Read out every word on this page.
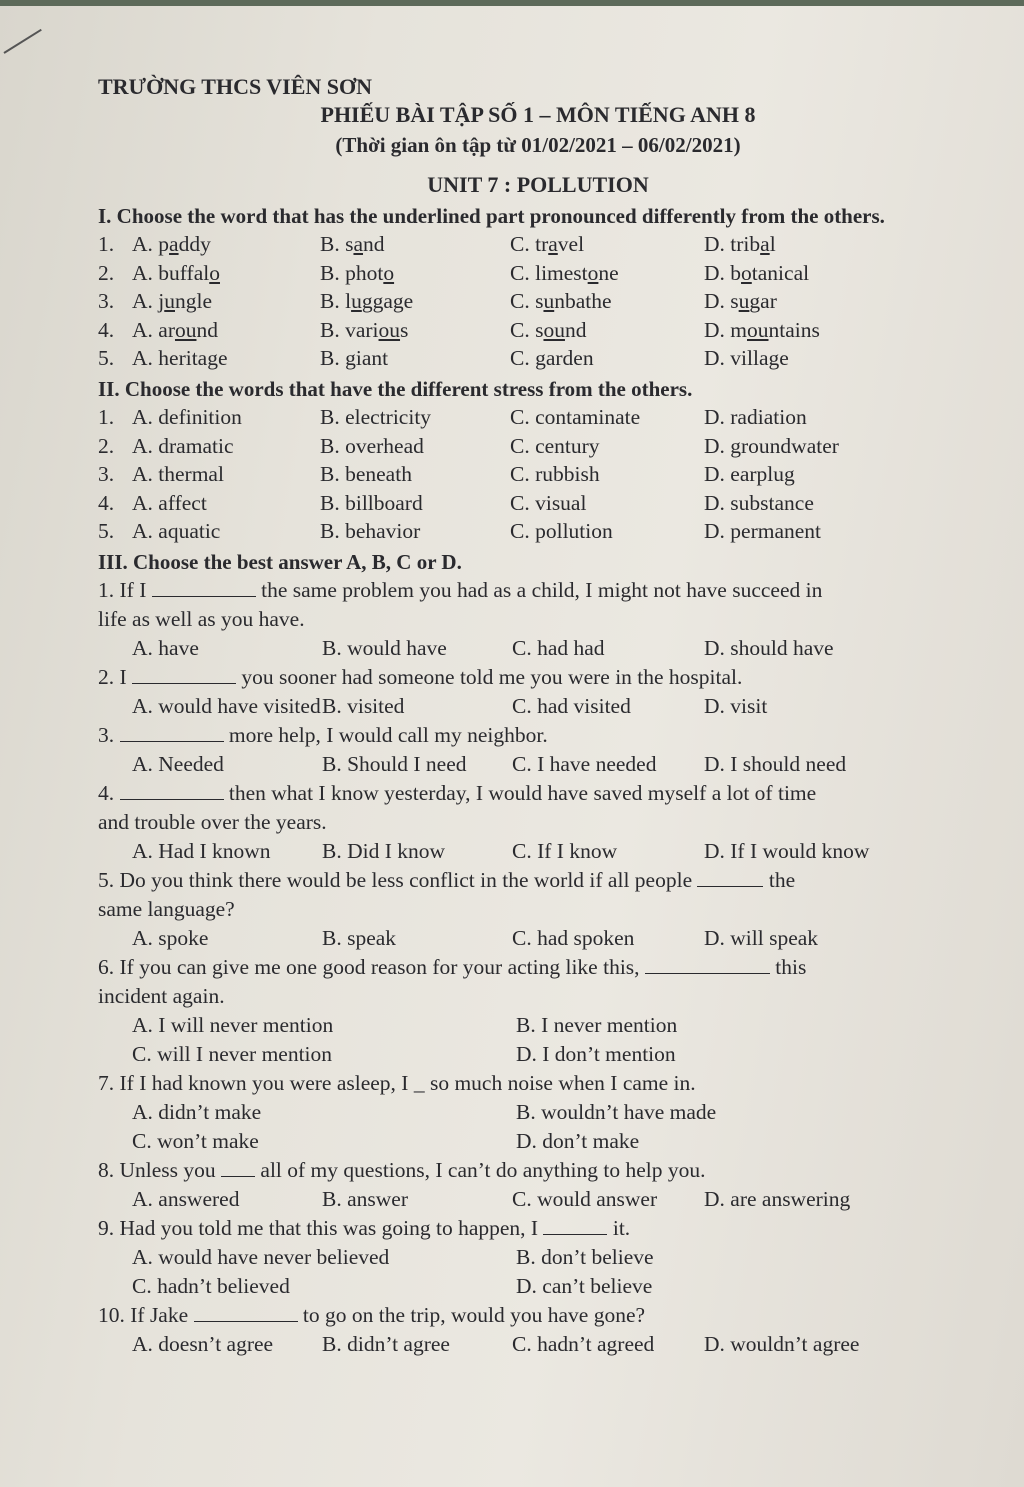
TRƯỜNG THCS VIÊN SƠN
PHIẾU BÀI TẬP SỐ 1 – MÔN TIẾNG ANH 8
(Thời gian ôn tập từ 01/02/2021 – 06/02/2021)
UNIT 7 : POLLUTION
I. Choose the word that has the underlined part pronounced differently from the others.
1. A. paddy	B. sand	C. travel	D. tribal
2. A. buffalo	B. photo	C. limestone	D. botanical
3. A. jungle	B. luggage	C. sunbathe	D. sugar
4. A. around	B. various	C. sound	D. mountains
5. A. heritage	B. giant	C. garden	D. village
II. Choose the words that have the different stress from the others.
1. A. definition	B. electricity	C. contaminate	D. radiation
2. A. dramatic	B. overhead	C. century	D. groundwater
3. A. thermal	B. beneath	C. rubbish	D. earplug
4. A. affect	B. billboard	C. visual	D. substance
5. A. aquatic	B. behavior	C. pollution	D. permanent
III. Choose the best answer A, B, C or D.
1. If I	the same problem you had as a child, I might not have succeed in
life as well as you have.
A. have	B. would have	C. had had	D. should have
2. I	you sooner had someone told me you were in the hospital.
A. would have visited B. visited	C. had visited	D. visit
3.	more help, I would call my neighbor.
A. Needed	B. Should I need	C. I have needed	D. I should need
4.	then what I know yesterday, I would have saved myself a lot of time
and trouble over the years.
A. Had I known	B. Did I know	C. If I know	D. If I would know
5. Do you think there would be less conflict in the world if all people	the
same language?
A. spoke	B. speak	C. had spoken	D. will speak
6. If you can give me one good reason for your acting like this,	this
incident again.
A. I will never mention	B. I never mention
C. will I never mention	D. I don’t mention
7. If I had known you were asleep, I _ so much noise when I came in.
A. didn’t make	B. wouldn’t have made
C. won’t make	D. don’t make
8. Unless you all of my questions, I can’t do anything to help you.
A. answered	B. answer	C. would answer	D. are answering
9. Had you told me that this was going to happen, I	it.
A. would have never believed	B. don’t believe
C. hadn’t believed	D. can’t believe
10. If Jake	to go on the trip, would you have gone?
A. doesn’t agree	B. didn’t agree	C. hadn’t agreed	D. wouldn’t agree
